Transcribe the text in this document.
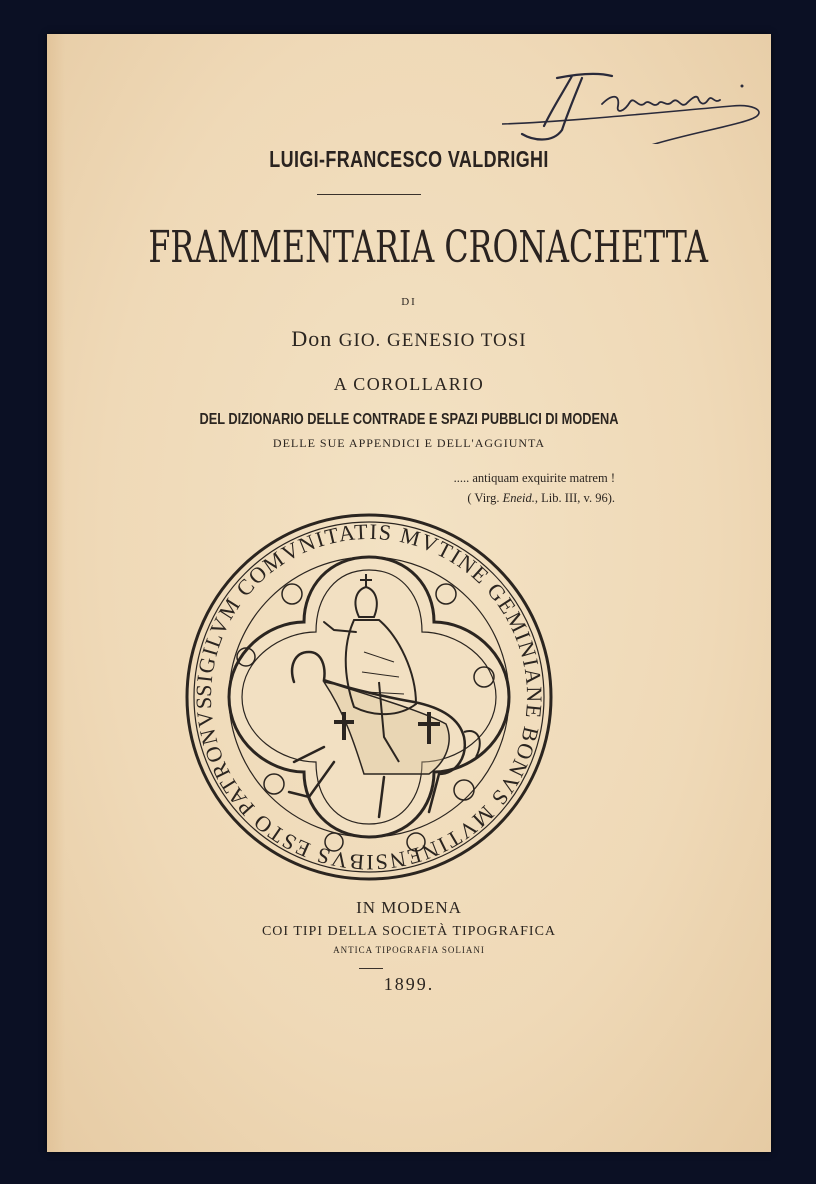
LUIGI-FRANCESCO VALDRIGHI
FRAMMENTARIA CRONACHETTA
DI
Don GIO. GENESIO TOSI
A COROLLARIO
DEL DIZIONARIO DELLE CONTRADE E SPAZI PUBBLICI DI MODENA
DELLE SUE APPENDICI E DELL'AGGIUNTA
..... antiquam exquirite matrem !
( Virg. Eneid., Lib. III, v. 96).
SIGILVM COMVNITATIS MVTINE GEMINIANE BONVS MVTINENSIBVS ESTO PATRONVS
IN MODENA
COI TIPI DELLA SOCIETÀ TIPOGRAFICA
ANTICA TIPOGRAFIA SOLIANI
1899.
